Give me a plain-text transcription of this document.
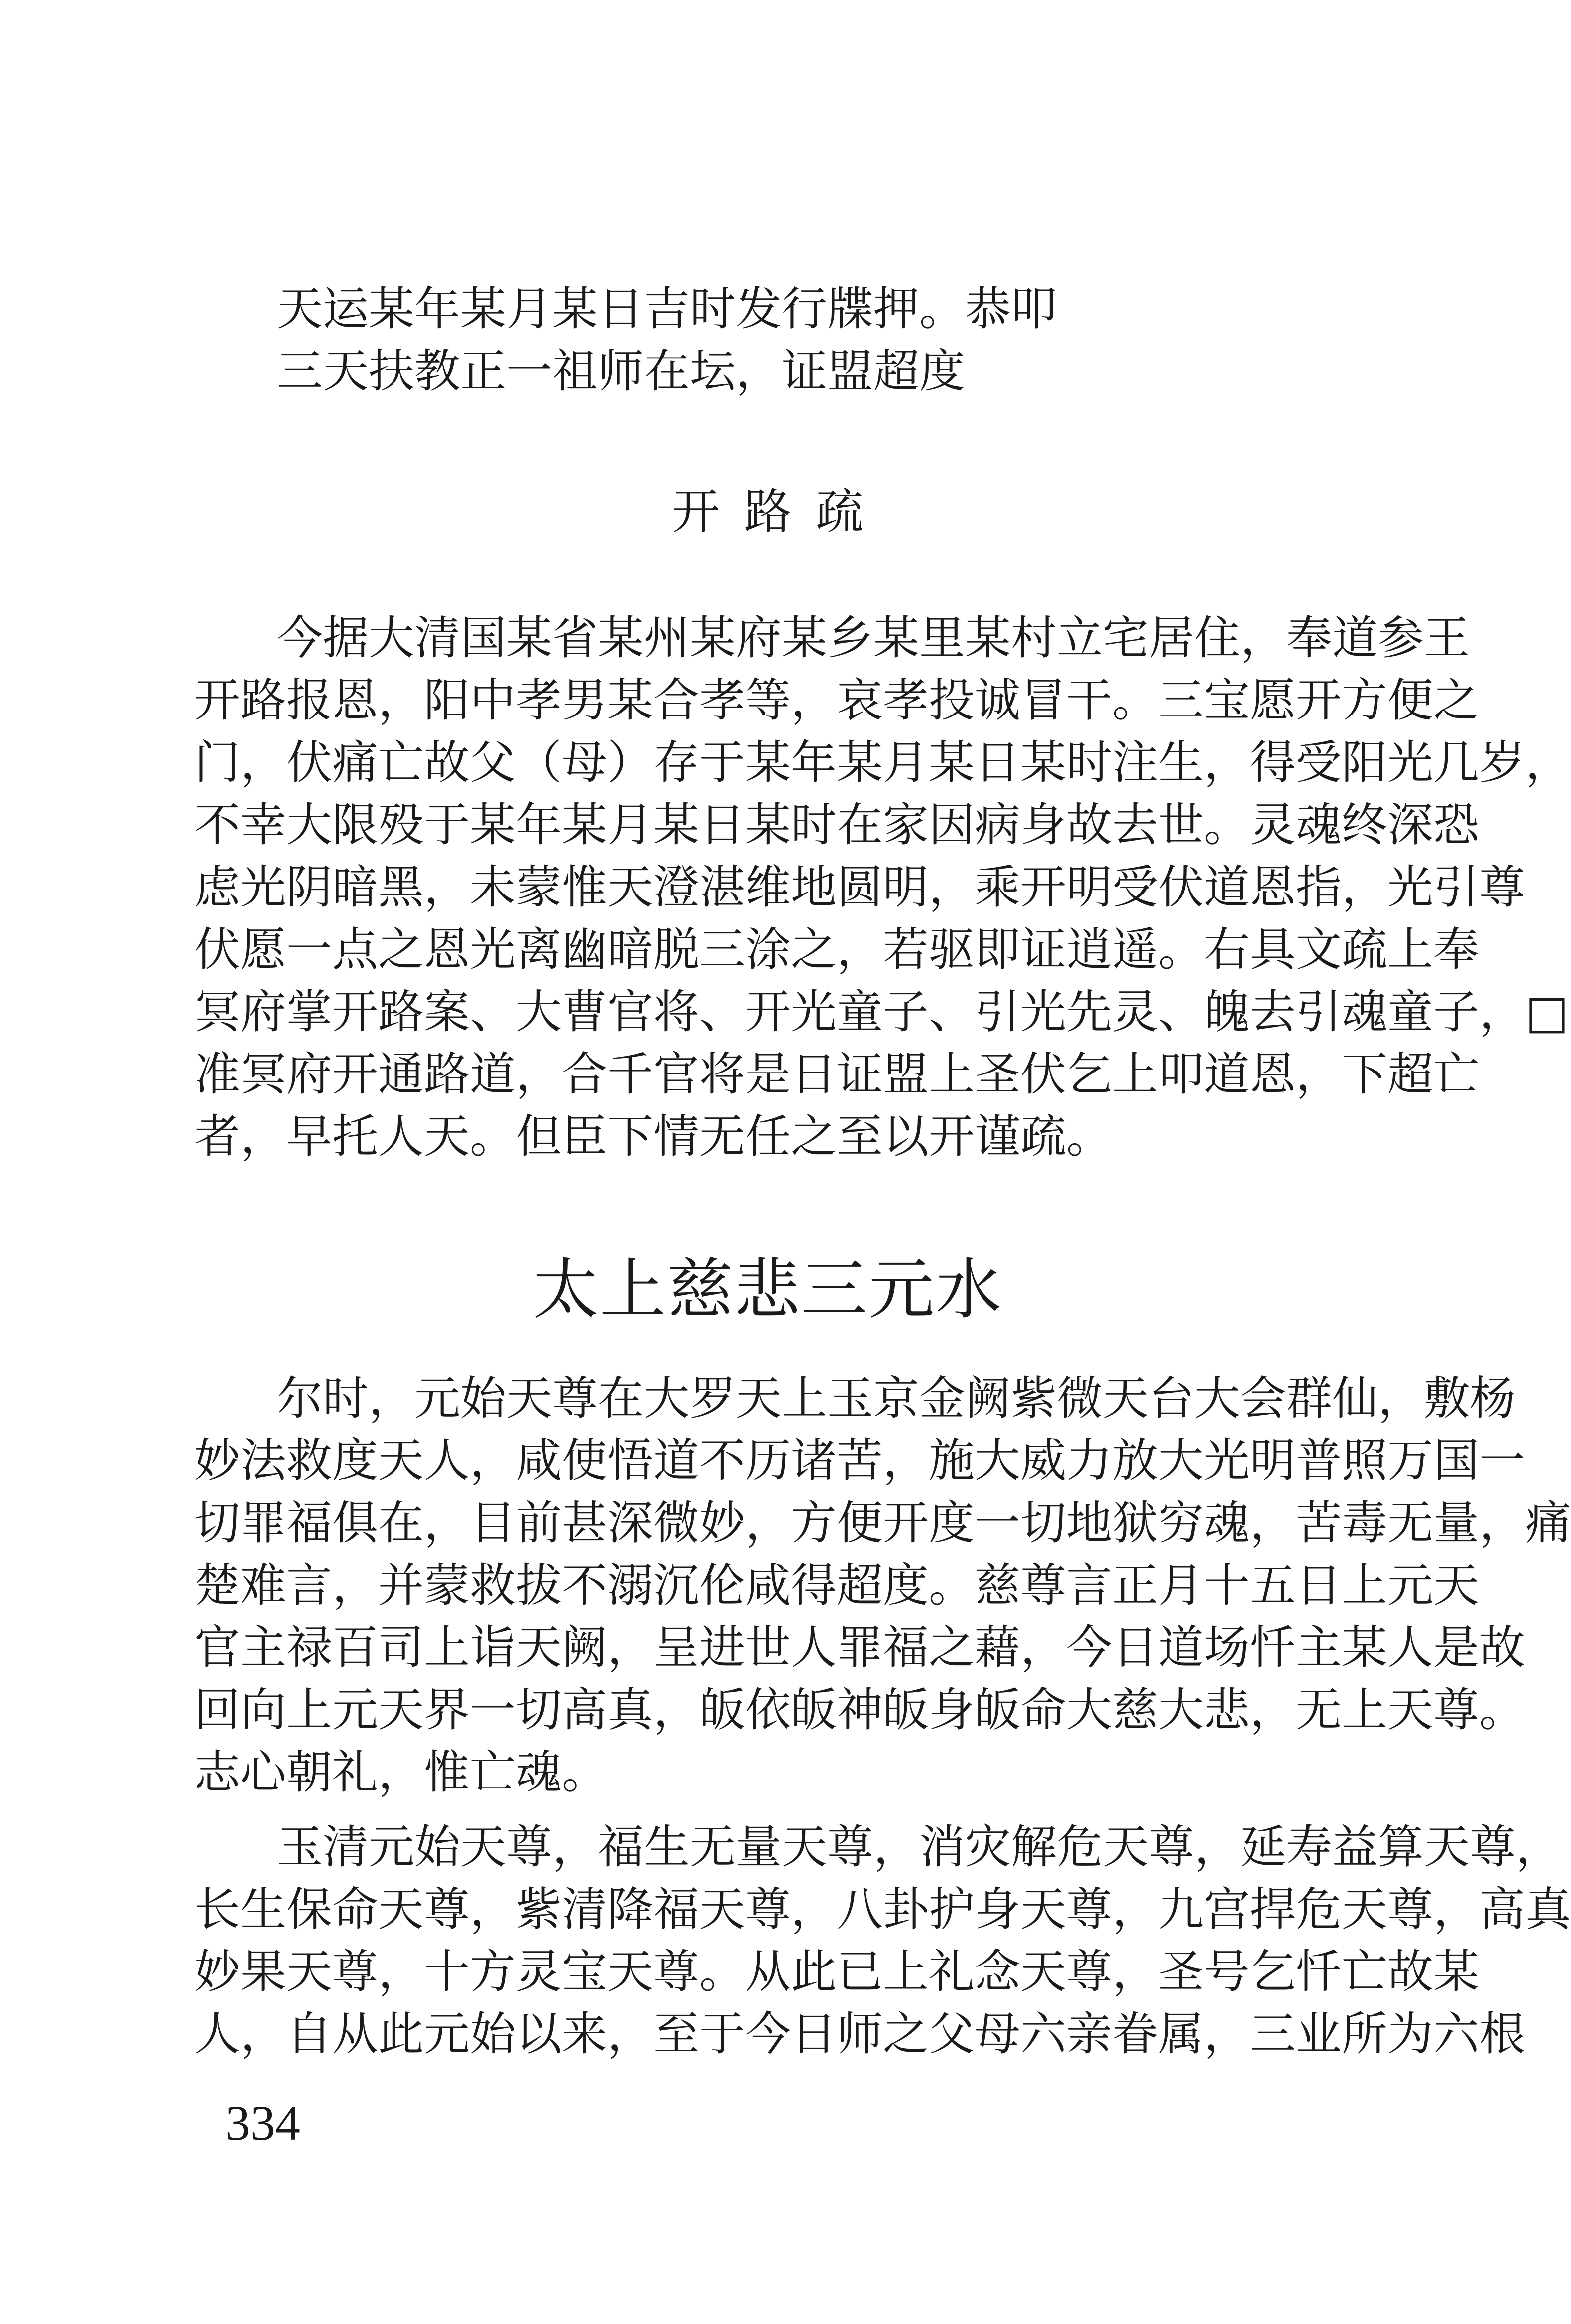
天运某年某月某日吉时发行牒押。恭叩
三天扶教正一祖师在坛，证盟超度
开路疏
今据大清国某省某州某府某乡某里某村立宅居住，奉道参王
开路报恩，阳中孝男某合孝等，哀孝投诚冒干。三宝愿开方便之
门，伏痛亡故父（母）存于某年某月某日某时注生，得受阳光几岁，
不幸大限殁于某年某月某日某时在家因病身故去世。灵魂终深恐
虑光阴暗黑，未蒙惟天澄湛维地圆明，乘开明受伏道恩指，光引尊
伏愿一点之恩光离幽暗脱三涂之，若驱即证逍遥。右具文疏上奉
冥府掌开路案、大曹官将、开光童子、引光先灵、魄去引魂童子，□
准冥府开通路道，合千官将是日证盟上圣伏乞上叩道恩，下超亡
者，早托人天。但臣下情无任之至以开谨疏。
太上慈悲三元水
尔时，元始天尊在大罗天上玉京金阙紫微天台大会群仙，敷杨
妙法救度天人，咸使悟道不历诸苦，施大威力放大光明普照万国一
切罪福俱在，目前甚深微妙，方便开度一切地狱穷魂，苦毒无量，痛
楚难言，并蒙救拔不溺沉伦咸得超度。慈尊言正月十五日上元天
官主禄百司上诣天阙，呈进世人罪福之藉，今日道场忏主某人是故
回向上元天界一切高真，皈依皈神皈身皈命大慈大悲，无上天尊。
志心朝礼，惟亡魂。
玉清元始天尊，福生无量天尊，消灾解危天尊，延寿益算天尊，
长生保命天尊，紫清降福天尊，八卦护身天尊，九宫捍危天尊，高真
妙果天尊，十方灵宝天尊。从此已上礼念天尊，圣号乞忏亡故某
人，自从此元始以来，至于今日师之父母六亲眷属，三业所为六根
334
